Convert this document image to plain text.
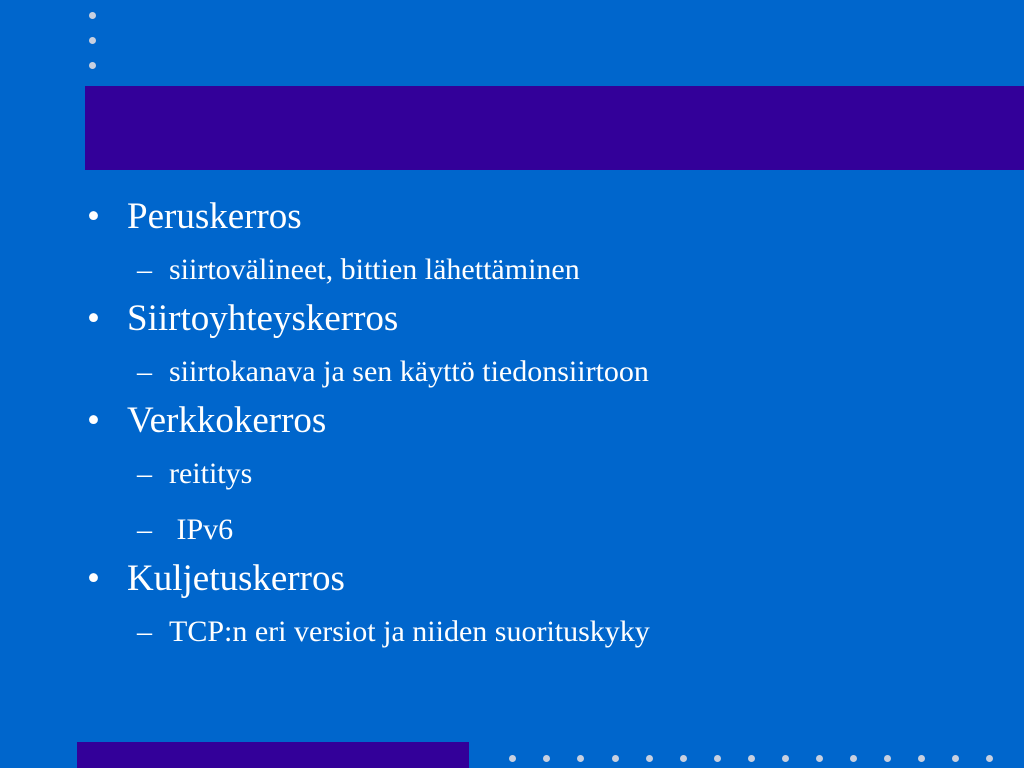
• Peruskerros
– siirtovälineet, bittien lähettäminen
• Siirtoyhteyskerros
– siirtokanava ja sen käyttö tiedonsiirtoon
• Verkkokerros
– reititys
– IPv6
• Kuljetuskerros
– TCP:n eri versiot ja niiden suorituskyky
